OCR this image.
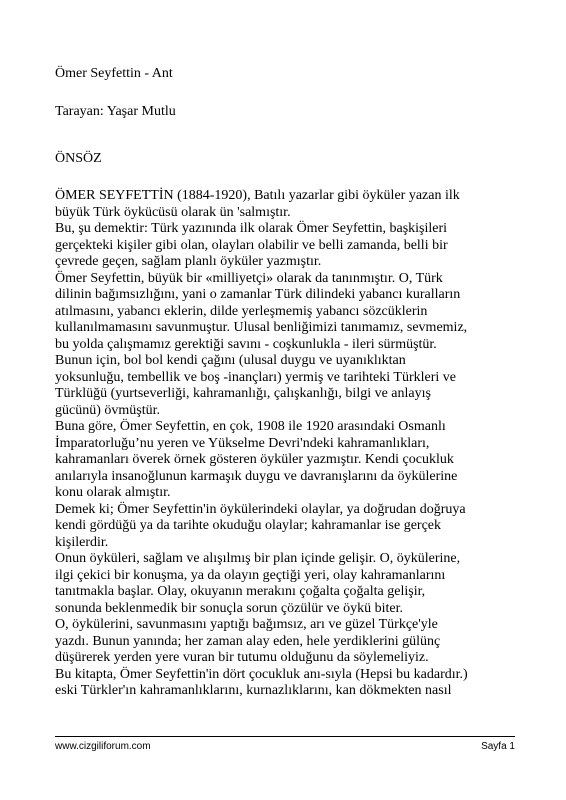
Ömer Seyfettin - Ant
Tarayan: Yaşar Mutlu
ÖNSÖZ

ÖMER SEYFETTİN (1884-1920), Batılı yazarlar gibi öyküler yazan ilk

büyük Türk öykücüsü olarak ün 'salmıştır.

Bu, şu demektir: Türk yazınında ilk olarak Ömer Seyfettin, başkişileri

gerçekteki kişiler gibi olan, olayları olabilir ve belli zamanda, belli bir

çevrede geçen, sağlam planlı öyküler yazmıştır.

Ömer Seyfettin, büyük bir «milliyetçi» olarak da tanınmıştır. O, Türk

dilinin bağımsızlığını, yani o zamanlar Türk dilindeki yabancı kuralların

atılmasını, yabancı eklerin, dilde yerleşmemiş yabancı sözcüklerin

kullanılmamasını savunmuştur. Ulusal benliğimizi tanımamız, sevmemiz,

bu yolda çalışmamız gerektiği savını - coşkunlukla - ileri sürmüştür.

Bunun için, bol bol kendi çağını (ulusal duygu ve uyanıklıktan

yoksunluğu, tembellik ve boş -inançları) yermiş ve tarihteki Türkleri ve

Türklüğü (yurtseverliği, kahramanlığı, çalışkanlığı, bilgi ve anlayış

gücünü) övmüştür.

Buna göre, Ömer Seyfettin, en çok, 1908 ile 1920 arasındaki Osmanlı

İmparatorluğu’nu yeren ve Yükselme Devri'ndeki kahramanlıkları,

kahramanları överek örnek gösteren öyküler yazmıştır. Kendi çocukluk

anılarıyla insanoğlunun karmaşık duygu ve davranışlarını da öykülerine

konu olarak almıştır.

Demek ki; Ömer Seyfettin'in öykülerindeki olaylar, ya doğrudan doğruya

kendi gördüğü ya da tarihte okuduğu olaylar; kahramanlar ise gerçek

kişilerdir.

Onun öyküleri, sağlam ve alışılmış bir plan içinde gelişir. O, öykülerine,

ilgi çekici bir konuşma, ya da olayın geçtiği yeri, olay kahramanlarını

tanıtmakla başlar. Olay, okuyanın merakını çoğalta çoğalta gelişir,

sonunda beklenmedik bir sonuçla sorun çözülür ve öykü biter.

O, öykülerini, savunmasını yaptığı bağımsız, arı ve güzel Türkçe'yle

yazdı. Bunun yanında; her zaman alay eden, hele yerdiklerini gülünç

düşürerek yerden yere vuran bir tutumu olduğunu da söylemeliyiz.

Bu kitapta, Ömer Seyfettin'in dört çocukluk anı-sıyla (Hepsi bu kadardır.)

eski Türkler'ın kahramanlıklarını, kurnazlıklarını, kan dökmekten nasıl

www.cizgiliforum.com	Sayfa 1
